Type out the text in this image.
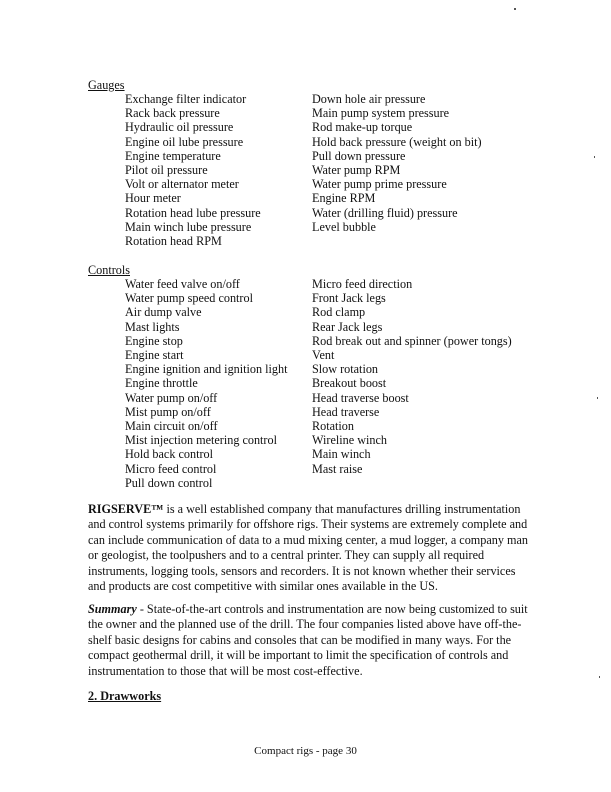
Gauges
Exchange filter indicator
Rack back pressure
Hydraulic oil pressure
Engine oil lube pressure
Engine temperature
Pilot oil pressure
Volt or alternator meter
Hour meter
Rotation head lube pressure
Main winch lube pressure
Rotation head RPM
Down hole air pressure
Main pump system pressure
Rod make-up torque
Hold back pressure (weight on bit)
Pull down pressure
Water pump RPM
Water pump prime pressure
Engine RPM
Water (drilling fluid) pressure
Level bubble
Controls
Water feed valve on/off
Water pump speed control
Air dump valve
Mast lights
Engine stop
Engine start
Engine ignition and ignition light
Engine throttle
Water pump on/off
Mist pump on/off
Main circuit on/off
Mist injection metering control
Hold back control
Micro feed control
Pull down control
Micro feed direction
Front Jack legs
Rod clamp
Rear Jack legs
Rod break out and spinner (power tongs)
Vent
Slow rotation
Breakout boost
Head traverse boost
Head traverse
Rotation
Wireline winch
Main winch
Mast raise
RIGSERVE™ is a well established company that manufactures drilling instrumentation and control systems primarily for offshore rigs. Their systems are extremely complete and can include communication of data to a mud mixing center, a mud logger, a company man or geologist, the toolpushers and to a central printer. They can supply all required instruments, logging tools, sensors and recorders. It is not known whether their services and products are cost competitive with similar ones available in the US.
Summary - State-of-the-art controls and instrumentation are now being customized to suit the owner and the planned use of the drill. The four companies listed above have off-the-shelf basic designs for cabins and consoles that can be modified in many ways. For the compact geothermal drill, it will be important to limit the specification of controls and instrumentation to those that will be most cost-effective.
2. Drawworks
Compact rigs - page 30
